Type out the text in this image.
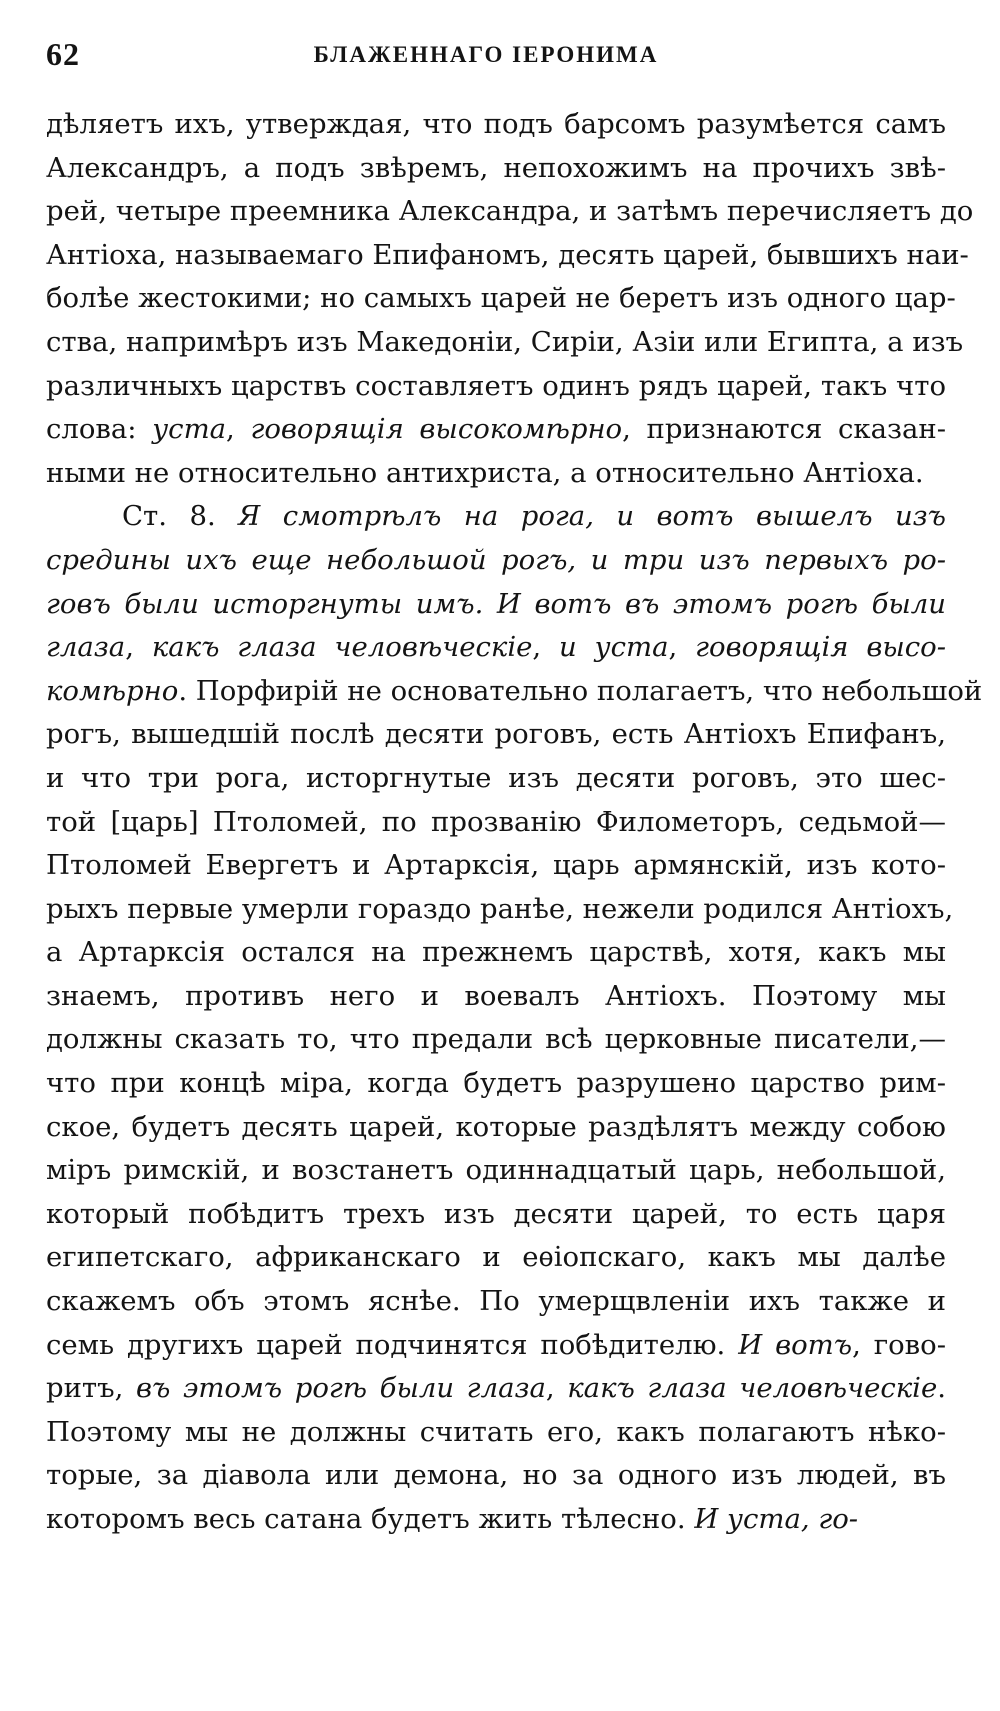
62	БЛАЖЕННАГО ІЕРОНИМА
дѣляетъ ихъ, утверждая, что подъ барсомъ разумѣется самъ
Александръ, а подъ звѣремъ, непохожимъ на прочихъ звѣ-
рей, четыре преемника Александра, и затѣмъ перечисляетъ до
Антіоха, называемаго Епифаномъ, десять царей, бывшихъ наи-
болѣе жестокими; но самыхъ царей не беретъ изъ одного цар-
ства, напримѣръ изъ Македоніи, Сиріи, Азіи или Египта, а изъ
различныхъ царствъ составляетъ одинъ рядъ царей, такъ что
слова: уста, говорящія высокомѣрно, признаются сказан-
ными не относительно антихриста, а относительно Антіоха.
Ст. 8. Я смотрѣлъ на рога, и вотъ вышелъ изъ
средины ихъ еще небольшой рогъ, и три изъ первыхъ ро-
говъ были исторгнуты имъ. И вотъ въ этомъ рогѣ были
глаза, какъ глаза человѣческіе, и уста, говорящія высо-
комѣрно. Порфирій не основательно полагаетъ, что небольшой
рогъ, вышедшій послѣ десяти роговъ, есть Антіохъ Епифанъ,
и что три рога, исторгнутые изъ десяти роговъ, это шес-
той [царь] Птоломей, по прозванію Филометоръ, седьмой—
Птоломей Евергетъ и Артарксія, царь армянскій, изъ кото-
рыхъ первые умерли гораздо ранѣе, нежели родился Антіохъ,
а Артарксія остался на прежнемъ царствѣ, хотя, какъ мы
знаемъ, противъ него и воевалъ Антіохъ. Поэтому мы
должны сказать то, что предали всѣ церковные писатели,—
что при концѣ міра, когда будетъ разрушено царство рим-
ское, будетъ десять царей, которые раздѣлятъ между собою
міръ римскій, и возстанетъ одиннадцатый царь, небольшой,
который побѣдитъ трехъ изъ десяти царей, то есть царя
египетскаго, африканскаго и еѳіопскаго, какъ мы далѣе
скажемъ объ этомъ яснѣе. По умерщвленіи ихъ также и
семь другихъ царей подчинятся побѣдителю. И вотъ, гово-
ритъ, въ этомъ рогѣ были глаза, какъ глаза человѣческіе.
Поэтому мы не должны считать его, какъ полагаютъ нѣко-
торые, за діавола или демона, но за одного изъ людей, въ
которомъ весь сатана будетъ жить тѣлесно. И уста, го-
